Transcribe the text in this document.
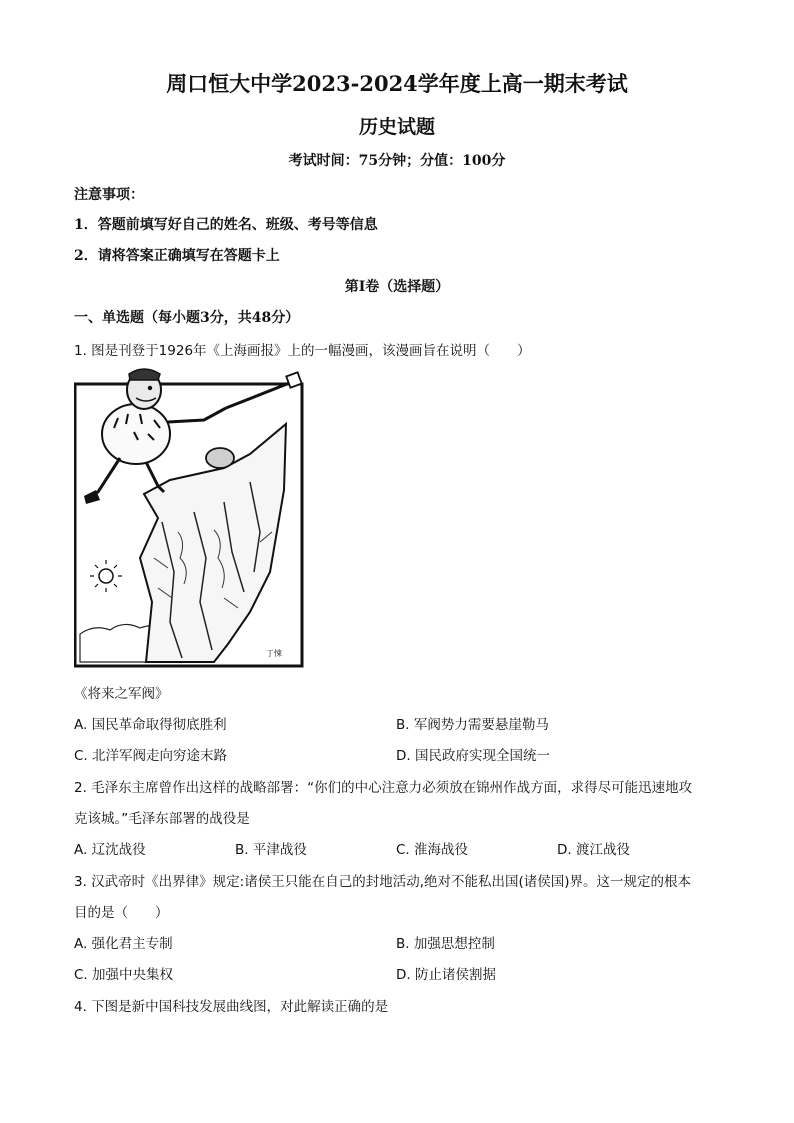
周口恒大中学2023-2024学年度上高一期末考试
历史试题
考试时间：75分钟；分值：100分
注意事项：
1．答题前填写好自己的姓名、班级、考号等信息
2．请将答案正确填写在答题卡上
第I卷（选择题）
一、单选题（每小题3分，共48分）
1. 图是刊登于1926年《上海画报》上的一幅漫画，该漫画旨在说明（　　）
丁悚
《将来之军阀》
A. 国民革命取得彻底胜利	B. 军阀势力需要悬崖勒马
C. 北洋军阀走向穷途末路	D. 国民政府实现全国统一
2. 毛泽东主席曾作出这样的战略部署：“你们的中心注意力必须放在锦州作战方面，求得尽可能迅速地攻
克该城。”毛泽东部署的战役是
A. 辽沈战役	B. 平津战役	C. 淮海战役	D. 渡江战役
3. 汉武帝时《出界律》规定:诸侯王只能在自己的封地活动,绝对不能私出国(诸侯国)界。这一规定的根本
目的是（　　）
A. 强化君主专制	B. 加强思想控制
C. 加强中央集权	D. 防止诸侯割据
4. 下图是新中国科技发展曲线图，对此解读正确的是
